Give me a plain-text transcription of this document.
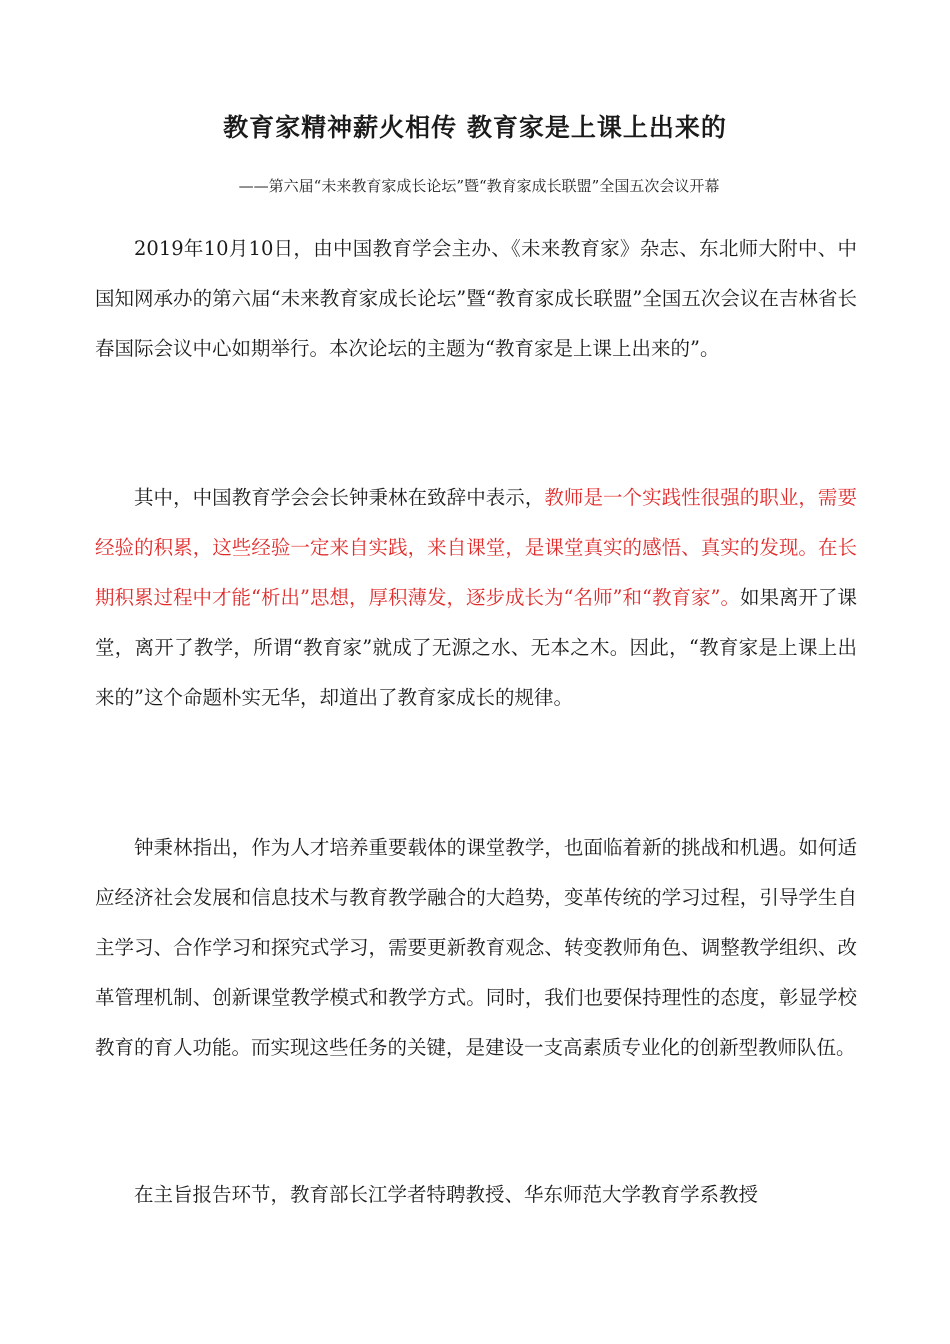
教育家精神薪火相传 教育家是上课上出来的

——第六届“未来教育家成长论坛”暨“教育家成长联盟”全国五次会议开幕

2019年10月10日，由中国教育学会主办、《未来教育家》杂志、东北师大附中、中国知网承办的第六届“未来教育家成长论坛”暨“教育家成长联盟”全国五次会议在吉林省长春国际会议中心如期举行。本次论坛的主题为“教育家是上课上出来的”。

其中，中国教育学会会长钟秉林在致辞中表示，教师是一个实践性很强的职业，需要经验的积累，这些经验一定来自实践，来自课堂，是课堂真实的感悟、真实的发现。在长期积累过程中才能“析出”思想，厚积薄发，逐步成长为“名师”和“教育家”。如果离开了课堂，离开了教学，所谓“教育家”就成了无源之水、无本之木。因此，“教育家是上课上出来的”这个命题朴实无华，却道出了教育家成长的规律。

钟秉林指出，作为人才培养重要载体的课堂教学，也面临着新的挑战和机遇。如何适应经济社会发展和信息技术与教育教学融合的大趋势，变革传统的学习过程，引导学生自主学习、合作学习和探究式学习，需要更新教育观念、转变教师角色、调整教学组织、改革管理机制、创新课堂教学模式和教学方式。同时，我们也要保持理性的态度，彰显学校教育的育人功能。而实现这些任务的关键，是建设一支高素质专业化的创新型教师队伍。

在主旨报告环节，教育部长江学者特聘教授、华东师范大学教育学系教授
